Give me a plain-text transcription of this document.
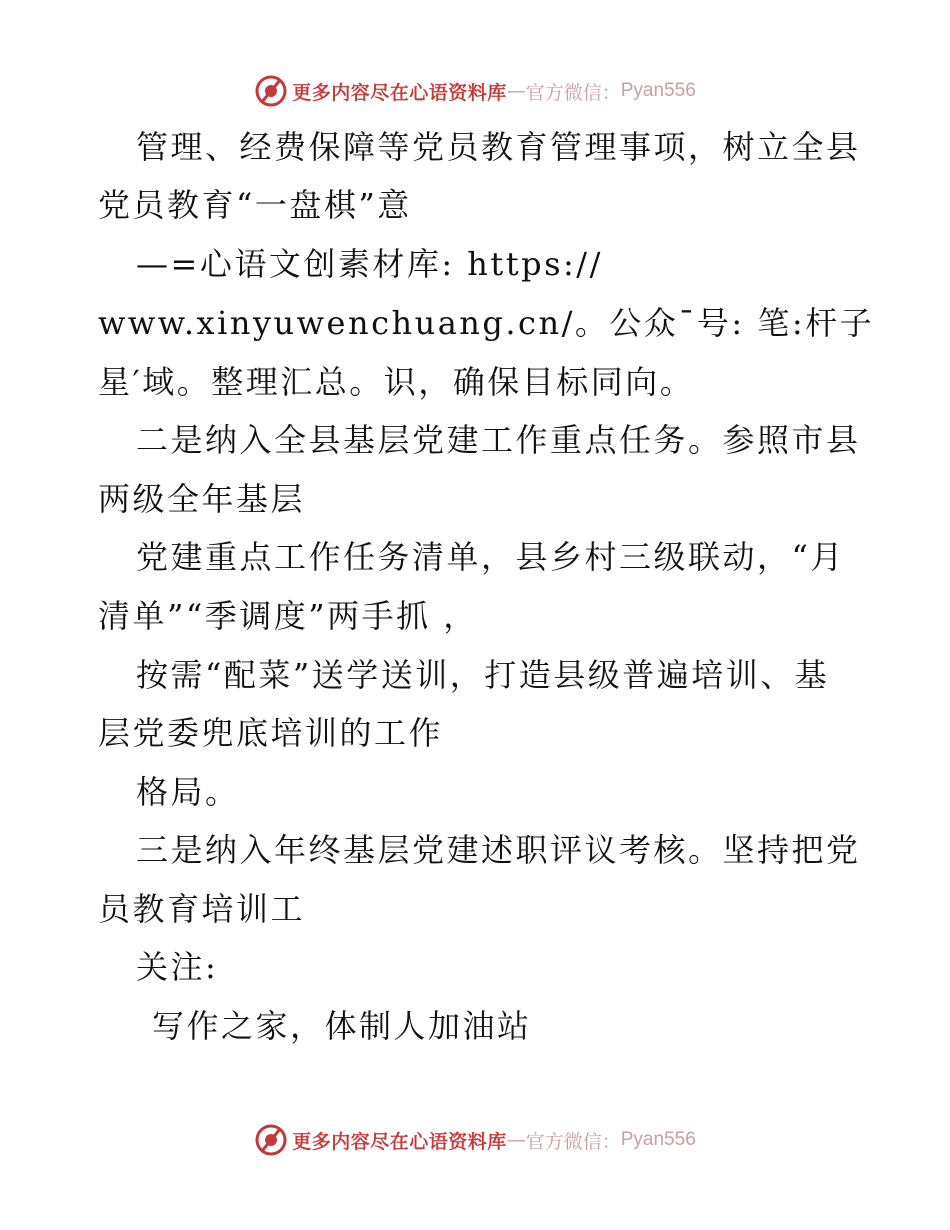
更多内容尽在心语资料库 — 官方微信： Pyan556
管理、经费保障等党员教育管理事项，树立全县
党员教育“一盘棋”意
—=心语文创素材库: https://
www.xinyuwenchuang.cn/。公众¯号: 笔:杆子
星′域。整理汇总。识，确保目标同向。
二是纳入全县基层党建工作重点任务。参照市县
两级全年基层
党建重点工作任务清单，县乡村三级联动，“月
清单”“季调度”两手抓 ，
按需“配菜”送学送训，打造县级普遍培训、基
层党委兜底培训的工作
格局。
三是纳入年终基层党建述职评议考核。坚持把党
员教育培训工
关注:
写作之家，体制人加油站
更多内容尽在心语资料库 — 官方微信： Pyan556
